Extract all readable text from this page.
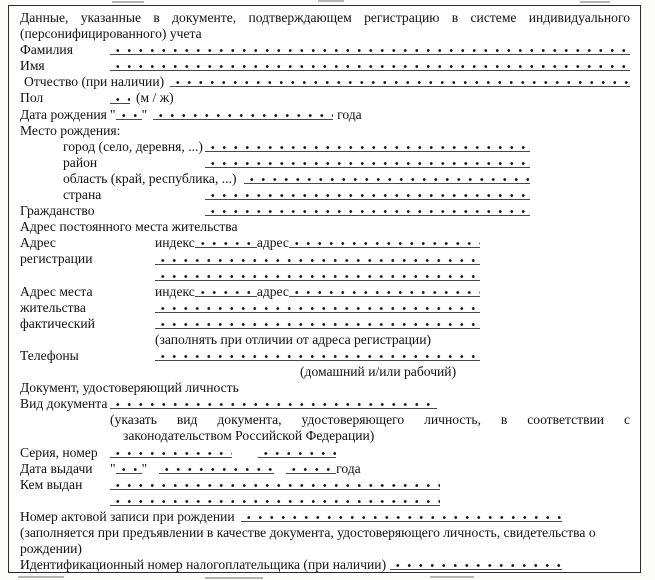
Данные, указанные в документе, подтверждающем регистрацию в системе индивидуального
(персонифицированного) учета
Фамилия
Имя
Отчество (при наличии)
Пол	(м / ж)
Дата рождения " "	года
Место рождения:
город (село, деревня, ...)
район
область (край, республика, ...)
страна
Гражданство
Адрес постоянного места жительства
Адрес	индекс	адрес
регистрации
Адрес места	индекс	адрес
жительства
фактический
(заполнять при отличии от адреса регистрации)
Телефоны
(домашний и/или рабочий)
Документ, удостоверяющий личность
Вид документа
(указать вид документа, удостоверяющего личность, в соответствии с
законодательством Российской Федерации)
Серия, номер
Дата выдачи	" "	года
Кем выдан
Номер актовой записи при рождении
(заполняется при предъявлении в качестве документа, удостоверяющего личность, свидетельства о
рождении)
Идентификационный номер налогоплательщика (при наличии)
